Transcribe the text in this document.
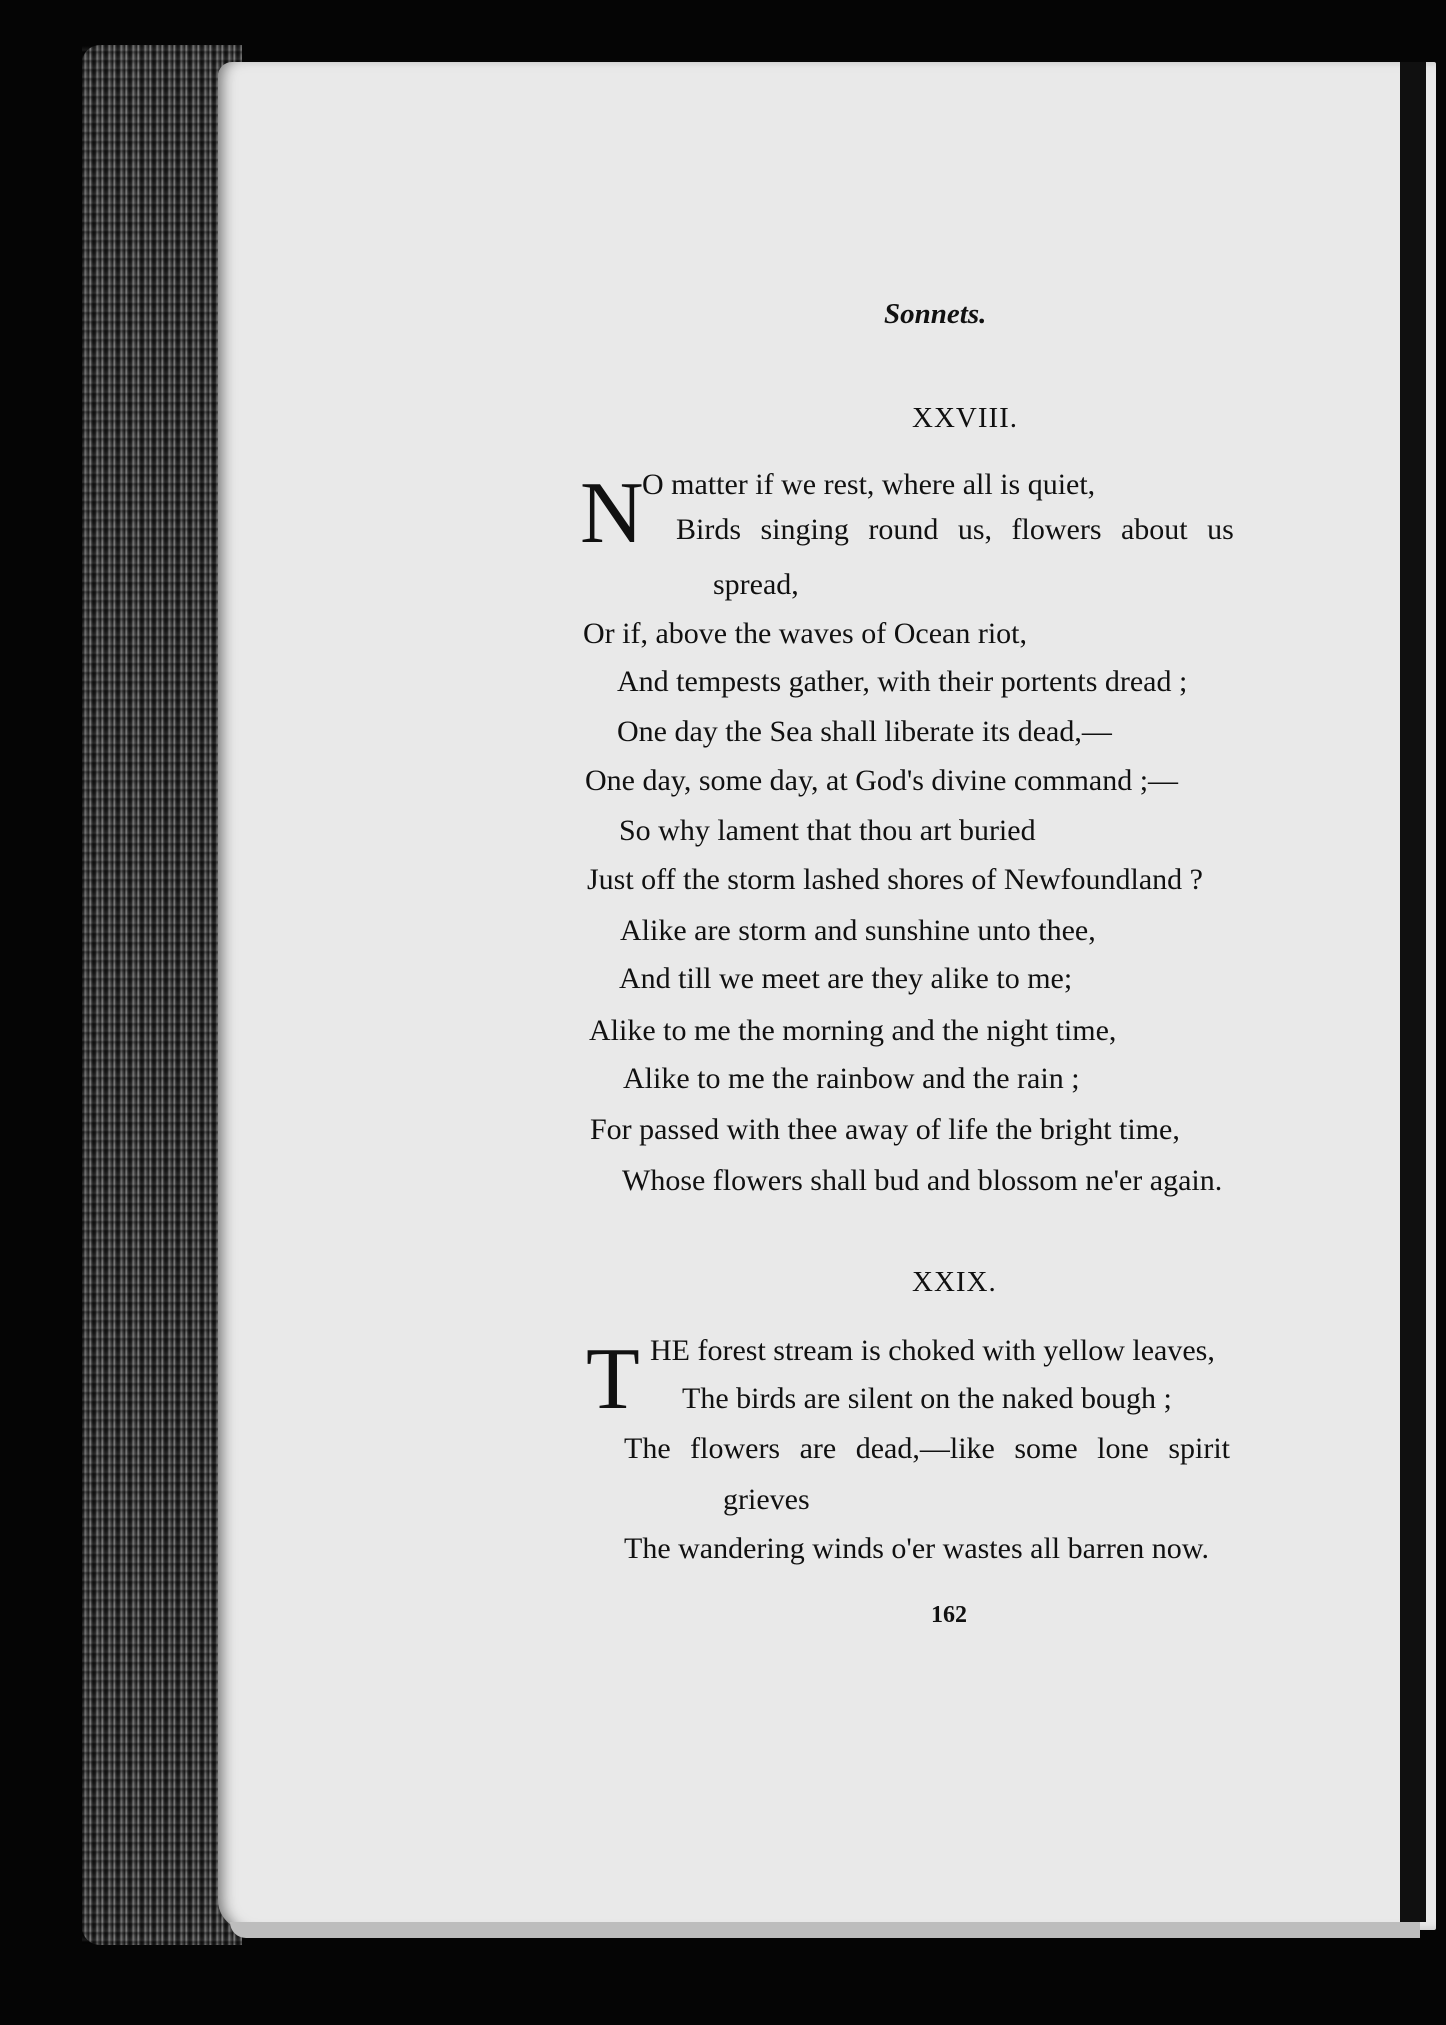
Sonnets.
XXVIII.
N
O matter if we rest, where all is quiet,
Birds singing round us, flowers about us
spread,
Or if, above the waves of Ocean riot,
And tempests gather, with their portents dread ;
One day the Sea shall liberate its dead,—
One day, some day, at God's divine command ;—
So why lament that thou art buried
Just off the storm lashed shores of Newfoundland ?
Alike are storm and sunshine unto thee,
And till we meet are they alike to me;
Alike to me the morning and the night time,
Alike to me the rainbow and the rain ;
For passed with thee away of life the bright time,
Whose flowers shall bud and blossom ne'er again.
XXIX.
T HE forest stream is choked with yellow leaves,
The birds are silent on the naked bough ;
The flowers are dead,—like some lone spirit
grieves
The wandering winds o'er wastes all barren now.
162
